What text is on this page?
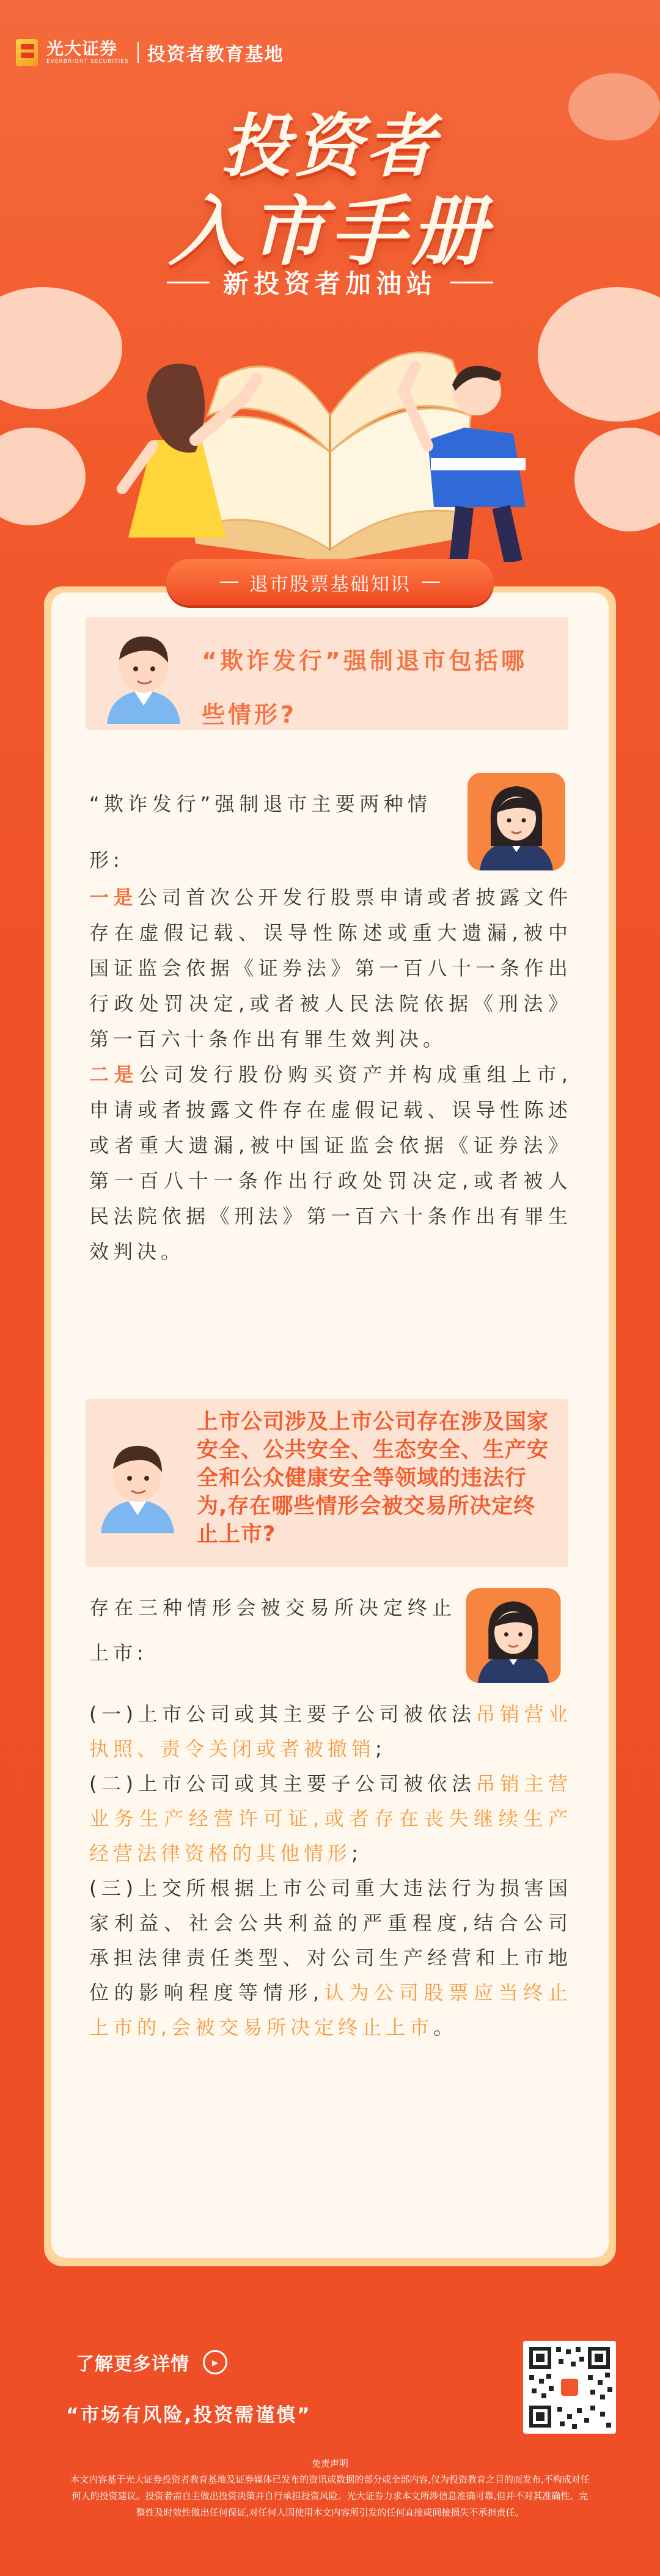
光大证券
EVERBRIGHT SECURITIES 投资者教育基地
投资者
入市手册
新投资者加油站
退市股票基础知识
“欺诈发行”强制退市包括哪些情形?
“欺诈发行”强制退市主要两种情形:
一是公司首次公开发行股票申请或者披露文件存在虚假记载、误导性陈述或重大遗漏,被中国证监会依据《证券法》第一百八十一条作出行政处罚决定,或者被人民法院依据《刑法》第一百六十条作出有罪生效判决。
二是公司发行股份购买资产并构成重组上市,申请或者披露文件存在虚假记载、误导性陈述或者重大遗漏,被中国证监会依据《证券法》第一百八十一条作出行政处罚决定,或者被人民法院依据《刑法》第一百六十条作出有罪生效判决。
上市公司涉及上市公司存在涉及国家安全、公共安全、生态安全、生产安全和公众健康安全等领域的违法行为,存在哪些情形会被交易所决定终止上市?
存在三种情形会被交易所决定终止上市:
(一)上市公司或其主要子公司被依法吊销营业执照、责令关闭或者被撤销;
(二)上市公司或其主要子公司被依法吊销主营业务生产经营许可证,或者存在丧失继续生产经营法律资格的其他情形;
(三)上交所根据上市公司重大违法行为损害国家利益、社会公共利益的严重程度,结合公司承担法律责任类型、对公司生产经营和上市地位的影响程度等情形,认为公司股票应当终止上市的,会被交易所决定终止上市。
了解更多详情	▸
“市场有风险,投资需谨慎”
免责声明
本文内容基于光大证券投资者教育基地及证券媒体已发布的资讯或数据的部分或全部内容,仅为投资教育之目的而发布,不构成对任何人的投资建议。投资者需自主做出投资决策并自行承担投资风险。光大证券力求本文所涉信息准确可靠,但并不对其准确性、完整性及时效性做出任何保证,对任何人因使用本文内容所引发的任何直接或间接损失不承担责任。
